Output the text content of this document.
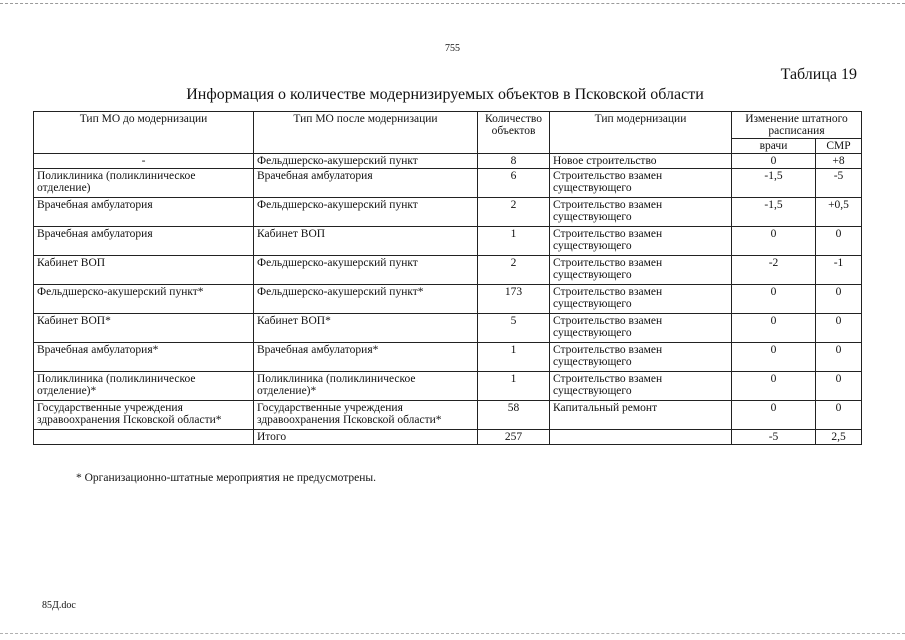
755
Таблица 19
Информация о количестве модернизируемых объектов в Псковской области
Тип МО до модернизации	Тип МО после модернизации	Количество объектов	Тип модернизации	Изменение штатного расписания	
				врачи	СМР
-	Фельдшерско-акушерский пункт	8	Новое строительство	0	+8
Поликлиника (поликлиническое отделение)	Врачебная амбулатория	6	Строительство взамен существующего	-1,5	-5
Врачебная амбулатория	Фельдшерско-акушерский пункт	2	Строительство взамен существующего	-1,5	+0,5
Врачебная амбулатория	Кабинет ВОП	1	Строительство взамен существующего	0	0
Кабинет ВОП	Фельдшерско-акушерский пункт	2	Строительство взамен существующего	-2	-1
Фельдшерско-акушерский пункт*	Фельдшерско-акушерский пункт*	173	Строительство взамен существующего	0	0
Кабинет ВОП*	Кабинет ВОП*	5	Строительство взамен существующего	0	0
Врачебная амбулатория*	Врачебная амбулатория*	1	Строительство взамен существующего	0	0
Поликлиника (поликлиническое отделение)*	Поликлиника (поликлиническое отделение)*	1	Строительство взамен существующего	0	0
Государственные учреждения здравоохранения Псковской области*	Государственные учреждения здравоохранения Псковской области*	58	Капитальный ремонт	0	0
	Итого	257		-5	2,5
* Организационно-штатные мероприятия не предусмотрены.
85Д.doc
